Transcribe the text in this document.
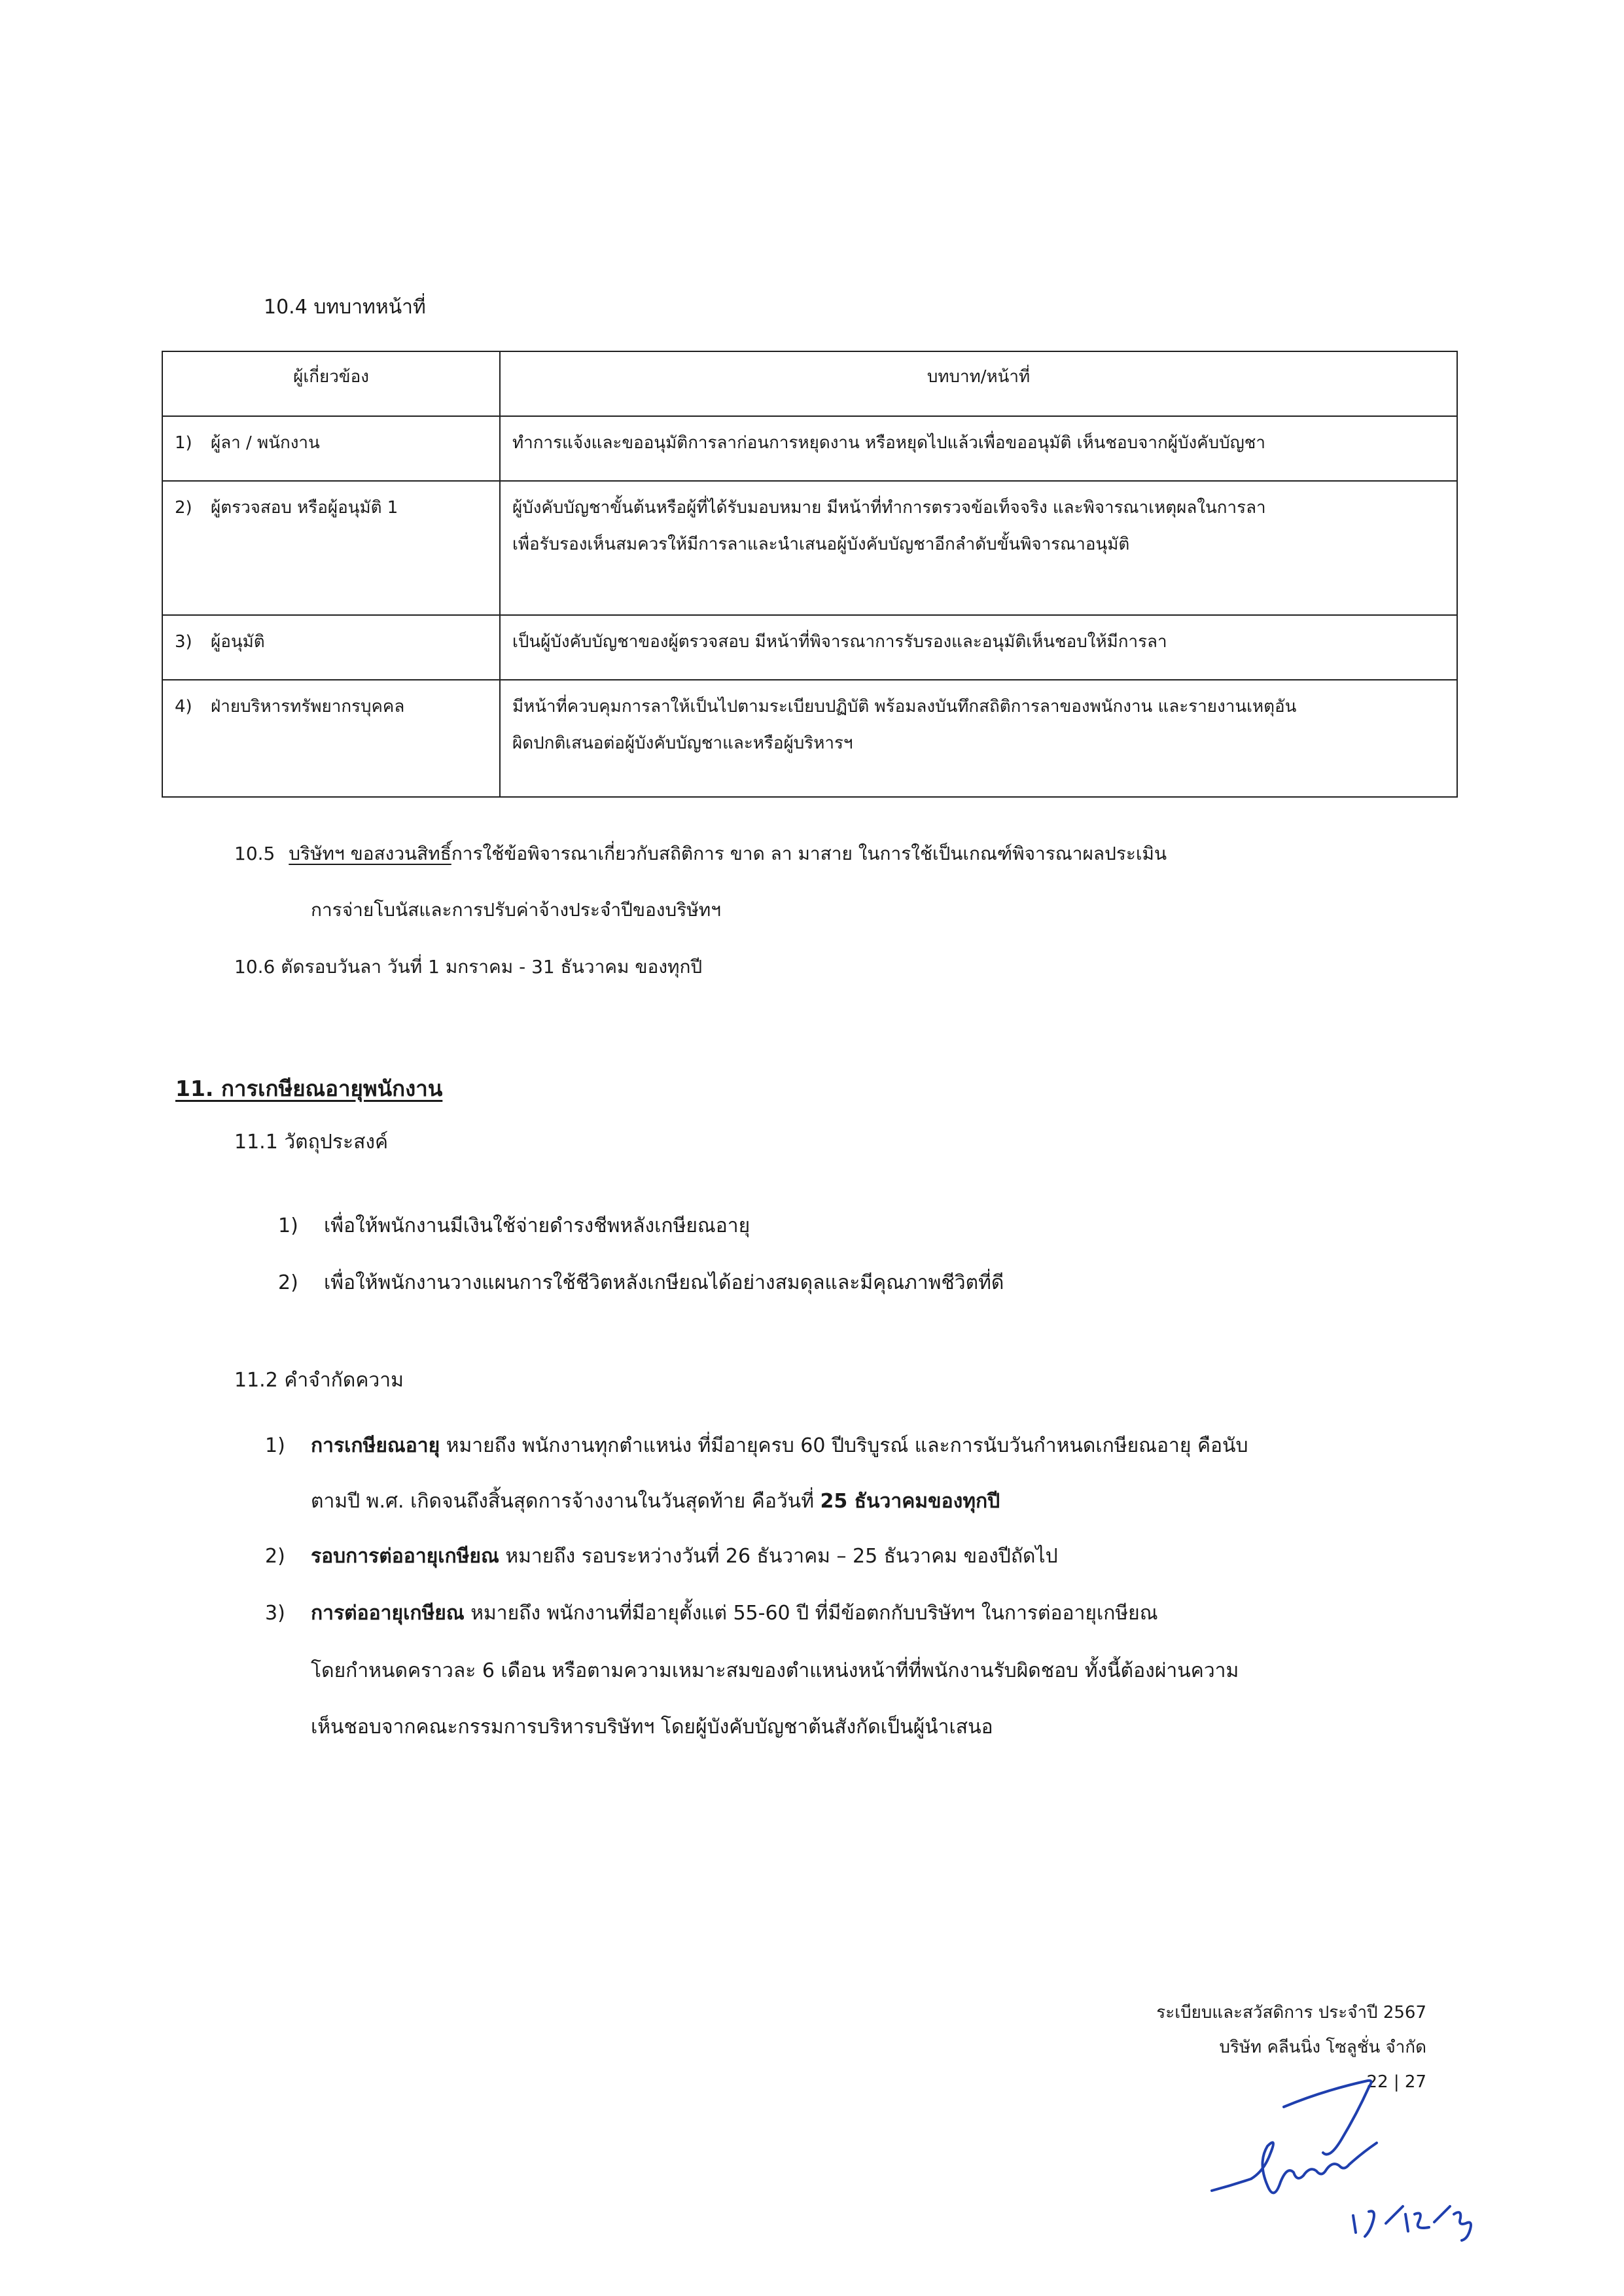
10.4 บทบาทหน้าที่
ผู้เกี่ยวข้อง	บทบาท/หน้าที่
1) ผู้ลา / พนักงาน	ทำการแจ้งและขออนุมัติการลาก่อนการหยุดงาน หรือหยุดไปแล้วเพื่อขออนุมัติ เห็นชอบจากผู้บังคับบัญชา

2) ผู้ตรวจสอบ หรือผู้อนุมัติ 1	ผู้บังคับบัญชาขั้นต้นหรือผู้ที่ได้รับมอบหมาย มีหน้าที่ทำการตรวจข้อเท็จจริง และพิจารณาเหตุผลในการลา
เพื่อรับรองเห็นสมควรให้มีการลาและนำเสนอผู้บังคับบัญชาอีกลำดับขั้นพิจารณาอนุมัติ

3) ผู้อนุมัติ	เป็นผู้บังคับบัญชาของผู้ตรวจสอบ มีหน้าที่พิจารณาการรับรองและอนุมัติเห็นชอบให้มีการลา

4) ฝ่ายบริหารทรัพยากรบุคคล	มีหน้าที่ควบคุมการลาให้เป็นไปตามระเบียบปฏิบัติ พร้อมลงบันทึกสถิติการลาของพนักงาน และรายงานเหตุอัน
ผิดปกติเสนอต่อผู้บังคับบัญชาและหรือผู้บริหารฯ
10.5 บริษัทฯ ขอสงวนสิทธิ์การใช้ข้อพิจารณาเกี่ยวกับสถิติการ ขาด ลา มาสาย ในการใช้เป็นเกณฑ์พิจารณาผลประเมิน
การจ่ายโบนัสและการปรับค่าจ้างประจำปีของบริษัทฯ
10.6 ตัดรอบวันลา วันที่ 1 มกราคม - 31 ธันวาคม ของทุกปี
11. การเกษียณอายุพนักงาน
11.1 วัตถุประสงค์
1) เพื่อให้พนักงานมีเงินใช้จ่ายดำรงชีพหลังเกษียณอายุ
2) เพื่อให้พนักงานวางแผนการใช้ชีวิตหลังเกษียณได้อย่างสมดุลและมีคุณภาพชีวิตที่ดี
11.2 คำจำกัดความ
1) การเกษียณอายุ หมายถึง พนักงานทุกตำแหน่ง ที่มีอายุครบ 60 ปีบริบูรณ์ และการนับวันกำหนดเกษียณอายุ คือนับ
ตามปี พ.ศ. เกิดจนถึงสิ้นสุดการจ้างงานในวันสุดท้าย คือวันที่ 25 ธันวาคมของทุกปี
2) รอบการต่ออายุเกษียณ หมายถึง รอบระหว่างวันที่ 26 ธันวาคม – 25 ธันวาคม ของปีถัดไป
3) การต่ออายุเกษียณ หมายถึง พนักงานที่มีอายุตั้งแต่ 55-60 ปี ที่มีข้อตกกับบริษัทฯ ในการต่ออายุเกษียณ
โดยกำหนดคราวละ 6 เดือน หรือตามความเหมาะสมของตำแหน่งหน้าที่ที่พนักงานรับผิดชอบ ทั้งนี้ต้องผ่านความ
เห็นชอบจากคณะกรรมการบริหารบริษัทฯ โดยผู้บังคับบัญชาต้นสังกัดเป็นผู้นำเสนอ
ระเบียบและสวัสดิการ ประจำปี 2567
บริษัท คลีนนิ่ง โซลูชั่น จำกัด
22 | 27
